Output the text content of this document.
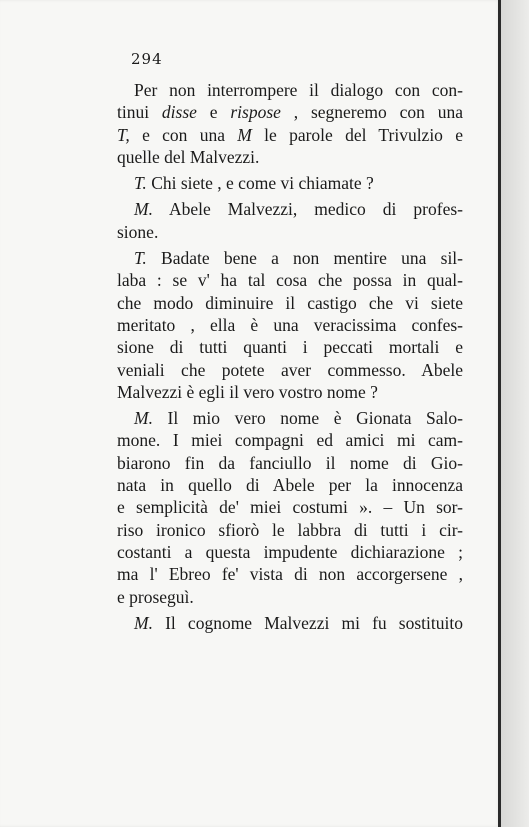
294
Per non interrompere il dialogo con con-
tinui disse e rispose , segneremo con una
T, e con una M le parole del Trivulzio e
quelle del Malvezzi.
T. Chi siete , e come vi chiamate ?
M. Abele Malvezzi, medico di profes-
sione.
T. Badate bene a non mentire una sil-
laba : se v' ha tal cosa che possa in qual-
che modo diminuire il castigo che vi siete
meritato , ella è una veracissima confes-
sione di tutti quanti i peccati mortali e
veniali che potete aver commesso. Abele
Malvezzi è egli il vero vostro nome ?
M. Il mio vero nome è Gionata Salo-
mone. I miei compagni ed amici mi cam-
biarono fin da fanciullo il nome di Gio-
nata in quello di Abele per la innocenza
e semplicità de' miei costumi ». – Un sor-
riso ironico sfiorò le labbra di tutti i cir-
costanti a questa impudente dichiarazione ;
ma l' Ebreo fe' vista di non accorgersene ,
e proseguì.
M. Il cognome Malvezzi mi fu sostituito
